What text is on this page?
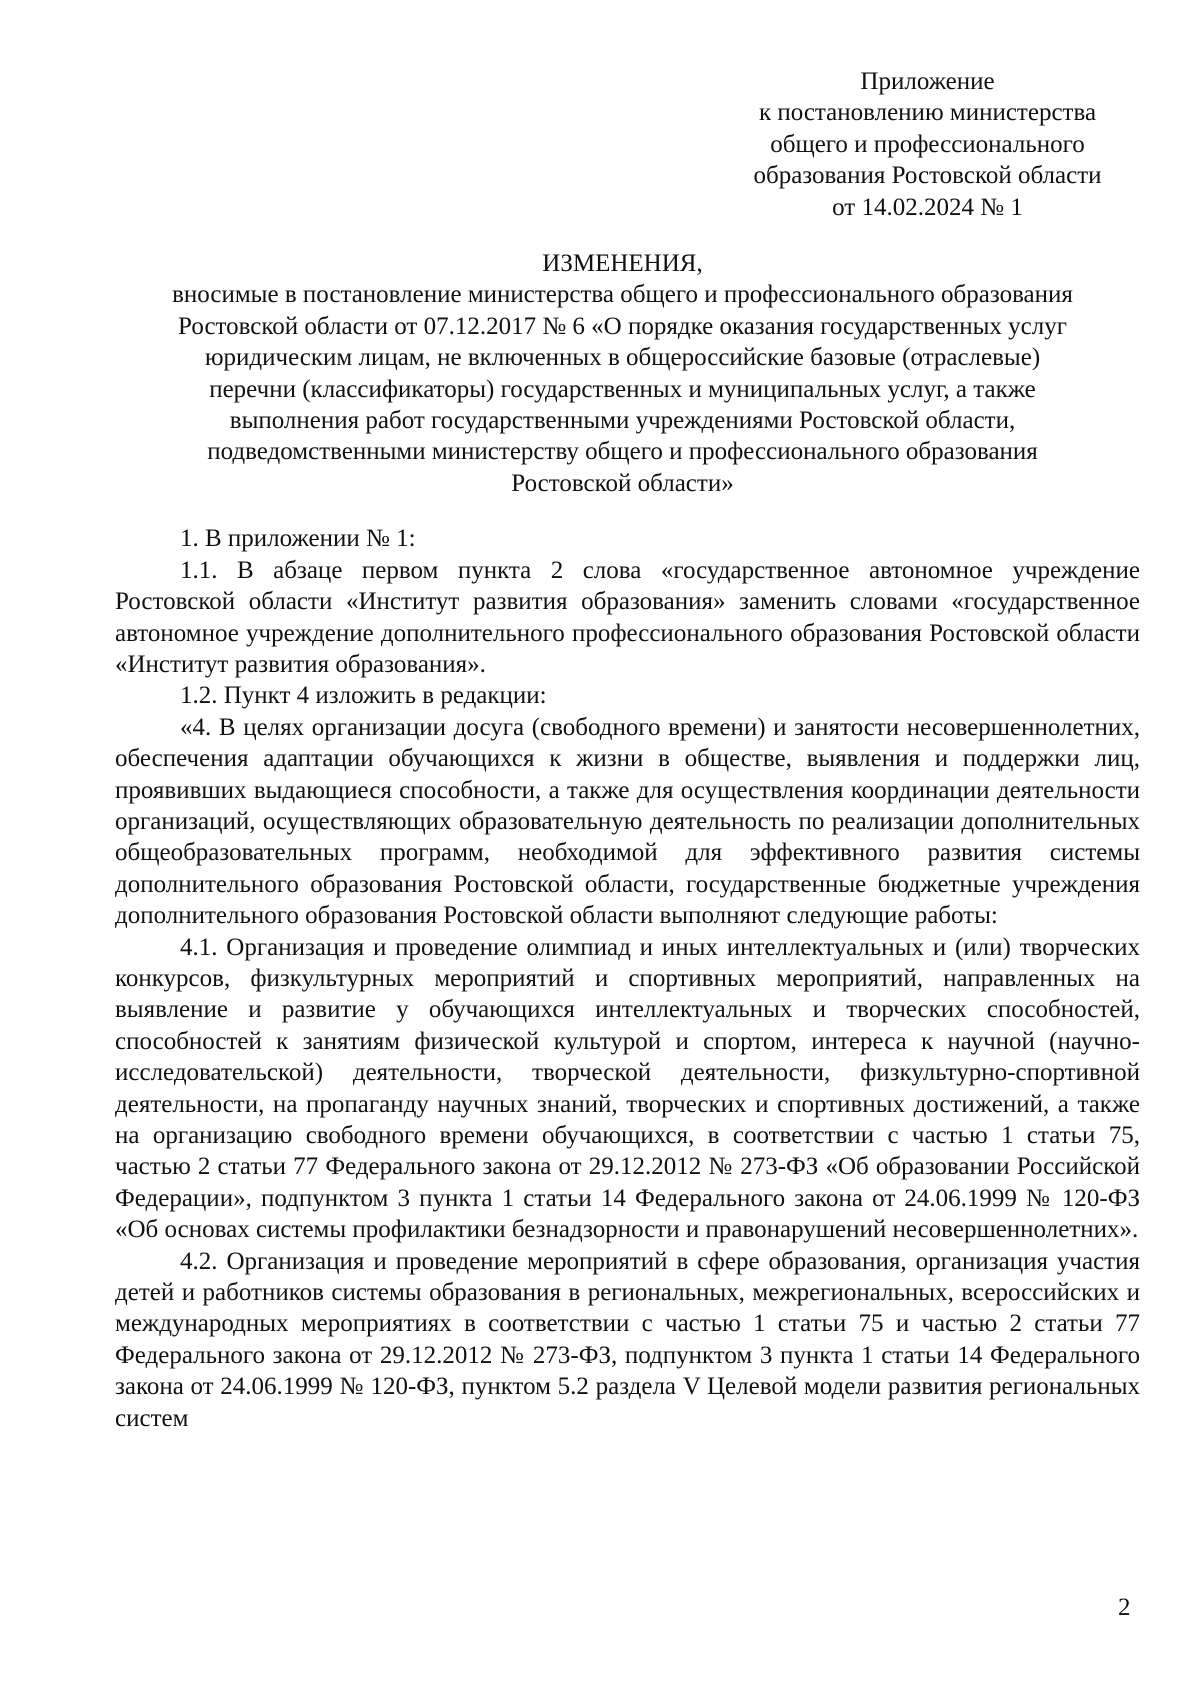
Приложение
к постановлению министерства
общего и профессионального
образования Ростовской области
от 14.02.2024 № 1
ИЗМЕНЕНИЯ,
вносимые в постановление министерства общего и профессионального образования
Ростовской области от 07.12.2017 № 6 «О порядке оказания государственных услуг
юридическим лицам, не включенных в общероссийские базовые (отраслевые)
перечни (классификаторы) государственных и муниципальных услуг, а также
выполнения работ государственными учреждениями Ростовской области,
подведомственными министерству общего и профессионального образования
Ростовской области»

1. В приложении № 1:

1.1. В абзаце первом пункта 2 слова «государственное автономное учреждение Ростовской области «Институт развития образования» заменить словами «государственное автономное учреждение дополнительного профессионального образования Ростовской области «Институт развития образования».

1.2. Пункт 4 изложить в редакции:

«4. В целях организации досуга (свободного времени) и занятости несовершеннолетних, обеспечения адаптации обучающихся к жизни в обществе, выявления и поддержки лиц, проявивших выдающиеся способности, а также для осуществления координации деятельности организаций, осуществляющих образовательную деятельность по реализации дополнительных общеобразовательных программ, необходимой для эффективного развития системы дополнительного образования Ростовской области, государственные бюджетные учреждения дополнительного образования Ростовской области выполняют следующие работы:

4.1. Организация и проведение олимпиад и иных интеллектуальных и (или) творческих конкурсов, физкультурных мероприятий и спортивных мероприятий, направленных на выявление и развитие у обучающихся интеллектуальных и творческих способностей, способностей к занятиям физической культурой и спортом, интереса к научной (научно-исследовательской) деятельности, творческой деятельности, физкультурно-спортивной деятельности, на пропаганду научных знаний, творческих и спортивных достижений, а также на организацию свободного времени обучающихся, в соответствии с частью 1 статьи 75, частью 2 статьи 77 Федерального закона от 29.12.2012 № 273-ФЗ «Об образовании Российской Федерации», подпунктом 3 пункта 1 статьи 14 Федерального закона от 24.06.1999 № 120-ФЗ «Об основах системы профилактики безнадзорности и правонарушений несовершеннолетних».

4.2. Организация и проведение мероприятий в сфере образования, организация участия детей и работников системы образования в региональных, межрегиональных, всероссийских и международных мероприятиях в соответствии с частью 1 статьи 75 и частью 2 статьи 77 Федерального закона от 29.12.2012 № 273-ФЗ, подпунктом 3 пункта 1 статьи 14 Федерального закона от 24.06.1999 № 120-ФЗ, пунктом 5.2 раздела V Целевой модели развития региональных систем

2
